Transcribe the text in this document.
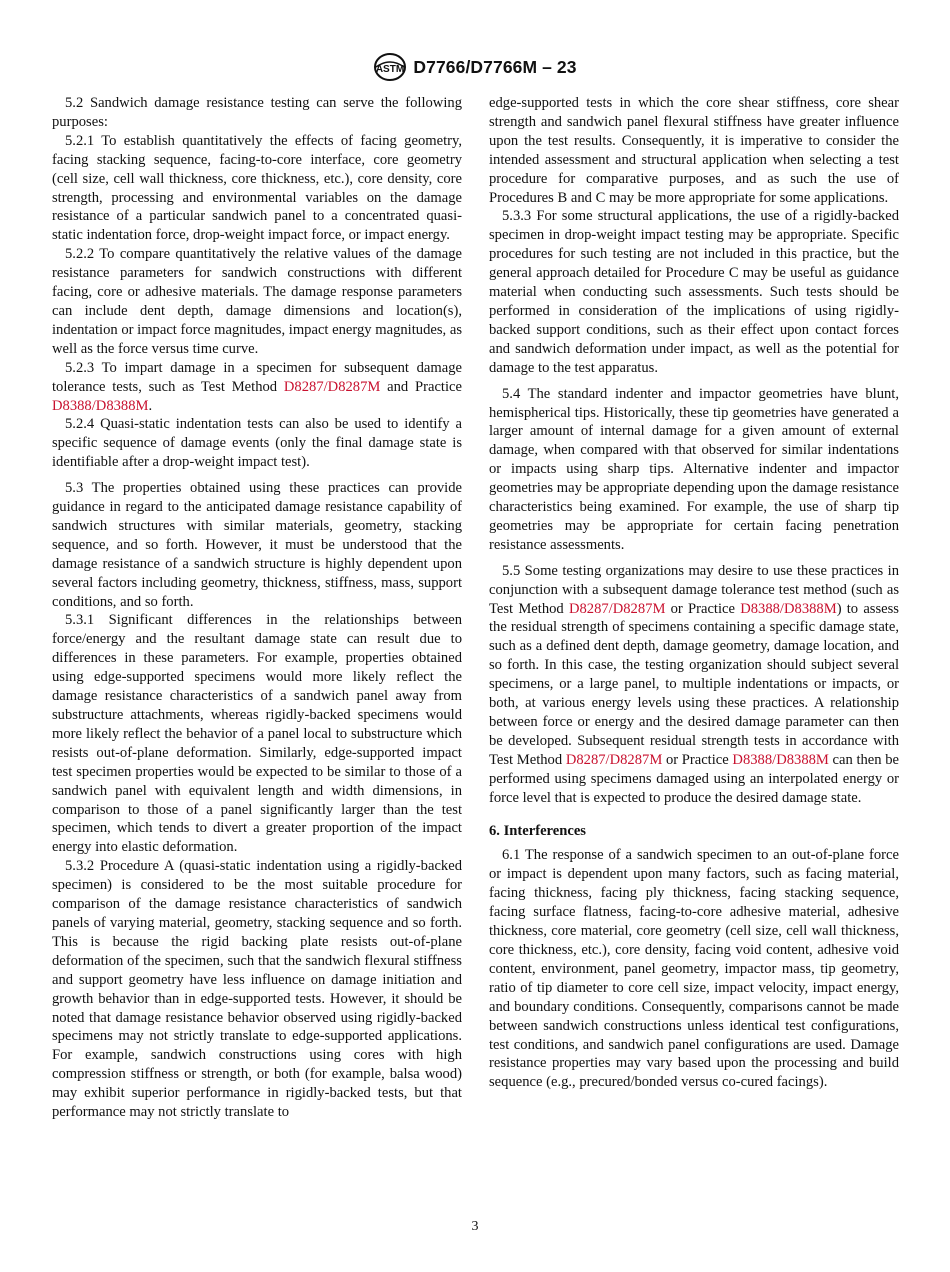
ASTM D7766/D7766M – 23

5.2 Sandwich damage resistance testing can serve the following purposes:

5.2.1 To establish quantitatively the effects of facing geometry, facing stacking sequence, facing-to-core interface, core geometry (cell size, cell wall thickness, core thickness, etc.), core density, core strength, processing and environmental variables on the damage resistance of a particular sandwich panel to a concentrated quasi-static indentation force, drop-weight impact force, or impact energy.

5.2.2 To compare quantitatively the relative values of the damage resistance parameters for sandwich constructions with different facing, core or adhesive materials. The damage response parameters can include dent depth, damage dimensions and location(s), indentation or impact force magnitudes, impact energy magnitudes, as well as the force versus time curve.

5.2.3 To impart damage in a specimen for subsequent damage tolerance tests, such as Test Method D8287/D8287M and Practice D8388/D8388M.

5.2.4 Quasi-static indentation tests can also be used to identify a specific sequence of damage events (only the final damage state is identifiable after a drop-weight impact test).

5.3 The properties obtained using these practices can provide guidance in regard to the anticipated damage resistance capability of sandwich structures with similar materials, geometry, stacking sequence, and so forth. However, it must be understood that the damage resistance of a sandwich structure is highly dependent upon several factors including geometry, thickness, stiffness, mass, support conditions, and so forth.

5.3.1 Significant differences in the relationships between force/energy and the resultant damage state can result due to differences in these parameters. For example, properties obtained using edge-supported specimens would more likely reflect the damage resistance characteristics of a sandwich panel away from substructure attachments, whereas rigidly-backed specimens would more likely reflect the behavior of a panel local to substructure which resists out-of-plane deformation. Similarly, edge-supported impact test specimen properties would be expected to be similar to those of a sandwich panel with equivalent length and width dimensions, in comparison to those of a panel significantly larger than the test specimen, which tends to divert a greater proportion of the impact energy into elastic deformation.

5.3.2 Procedure A (quasi-static indentation using a rigidly-backed specimen) is considered to be the most suitable procedure for comparison of the damage resistance characteristics of sandwich panels of varying material, geometry, stacking sequence and so forth. This is because the rigid backing plate resists out-of-plane deformation of the specimen, such that the sandwich flexural stiffness and support geometry have less influence on damage initiation and growth behavior than in edge-supported tests. However, it should be noted that damage resistance behavior observed using rigidly-backed specimens may not strictly translate to edge-supported applications. For example, sandwich constructions using cores with high compression stiffness or strength, or both (for example, balsa wood) may exhibit superior performance in rigidly-backed tests, but that performance may not strictly translate to

edge-supported tests in which the core shear stiffness, core shear strength and sandwich panel flexural stiffness have greater influence upon the test results. Consequently, it is imperative to consider the intended assessment and structural application when selecting a test procedure for comparative purposes, and as such the use of Procedures B and C may be more appropriate for some applications.

5.3.3 For some structural applications, the use of a rigidly-backed specimen in drop-weight impact testing may be appropriate. Specific procedures for such testing are not included in this practice, but the general approach detailed for Procedure C may be useful as guidance material when conducting such assessments. Such tests should be performed in consideration of the implications of using rigidly-backed support conditions, such as their effect upon contact forces and sandwich deformation under impact, as well as the potential for damage to the test apparatus.

5.4 The standard indenter and impactor geometries have blunt, hemispherical tips. Historically, these tip geometries have generated a larger amount of internal damage for a given amount of external damage, when compared with that observed for similar indentations or impacts using sharp tips. Alternative indenter and impactor geometries may be appropriate depending upon the damage resistance characteristics being examined. For example, the use of sharp tip geometries may be appropriate for certain facing penetration resistance assessments.

5.5 Some testing organizations may desire to use these practices in conjunction with a subsequent damage tolerance test method (such as Test Method D8287/D8287M or Practice D8388/D8388M) to assess the residual strength of specimens containing a specific damage state, such as a defined dent depth, damage geometry, damage location, and so forth. In this case, the testing organization should subject several specimens, or a large panel, to multiple indentations or impacts, or both, at various energy levels using these practices. A relationship between force or energy and the desired damage parameter can then be developed. Subsequent residual strength tests in accordance with Test Method D8287/D8287M or Practice D8388/D8388M can then be performed using specimens damaged using an interpolated energy or force level that is expected to produce the desired damage state.

6. Interferences

6.1 The response of a sandwich specimen to an out-of-plane force or impact is dependent upon many factors, such as facing material, facing thickness, facing ply thickness, facing stacking sequence, facing surface flatness, facing-to-core adhesive material, adhesive thickness, core material, core geometry (cell size, cell wall thickness, core thickness, etc.), core density, facing void content, adhesive void content, environment, panel geometry, impactor mass, tip geometry, ratio of tip diameter to core cell size, impact velocity, impact energy, and boundary conditions. Consequently, comparisons cannot be made between sandwich constructions unless identical test configurations, test conditions, and sandwich panel configurations are used. Damage resistance properties may vary based upon the processing and build sequence (e.g., precured/bonded versus co-cured facings).

3
